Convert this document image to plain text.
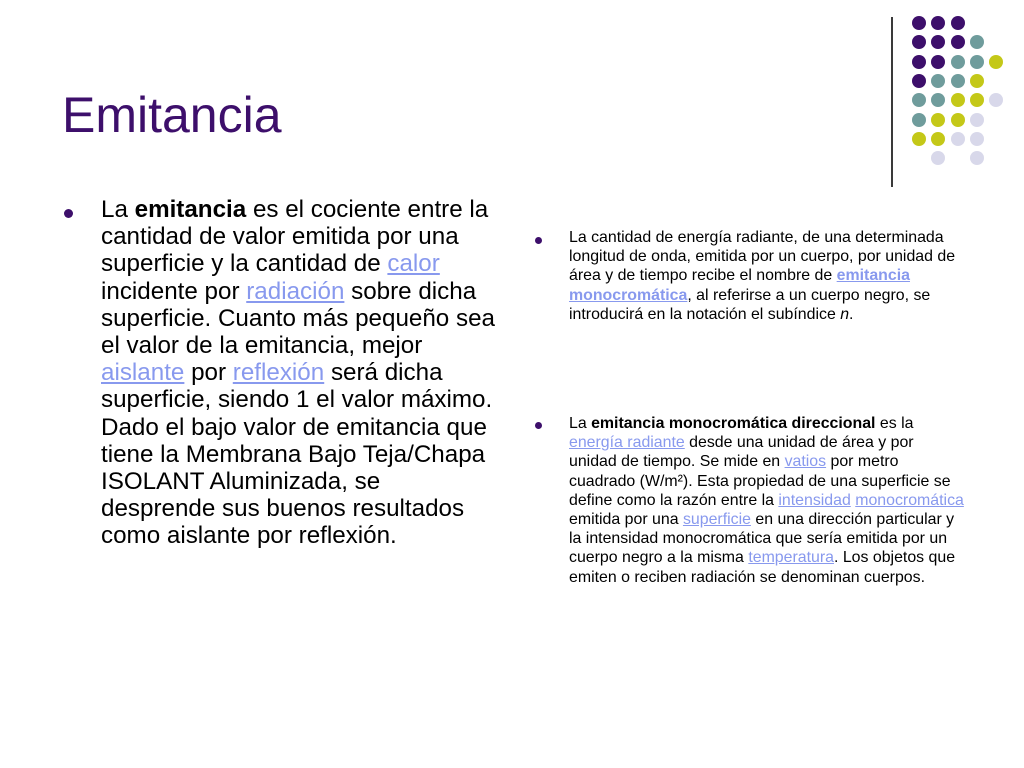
Emitancia

La emitancia es el cociente entre la cantidad de valor emitida por una superficie y la cantidad de calor incidente por radiación sobre dicha superficie. Cuanto más pequeño sea el valor de la emitancia, mejor aislante por reflexión será dicha superficie, siendo 1 el valor máximo. Dado el bajo valor de emitancia que tiene la Membrana Bajo Teja/Chapa ISOLANT Aluminizada, se desprende sus buenos resultados como aislante por reflexión.

La cantidad de energía radiante, de una determinada longitud de onda, emitida por un cuerpo, por unidad de área y de tiempo recibe el nombre de emitancia monocromática, al referirse a un cuerpo negro, se introducirá en la notación el subíndice n.

La emitancia monocromática direccional es la energía radiante desde una unidad de área y por unidad de tiempo. Se mide en vatios por metro cuadrado (W/m²). Esta propiedad de una superficie se define como la razón entre la intensidad monocromática emitida por una superficie en una dirección particular y la intensidad monocromática que sería emitida por un cuerpo negro a la misma temperatura. Los objetos que emiten o reciben radiación se denominan cuerpos.
